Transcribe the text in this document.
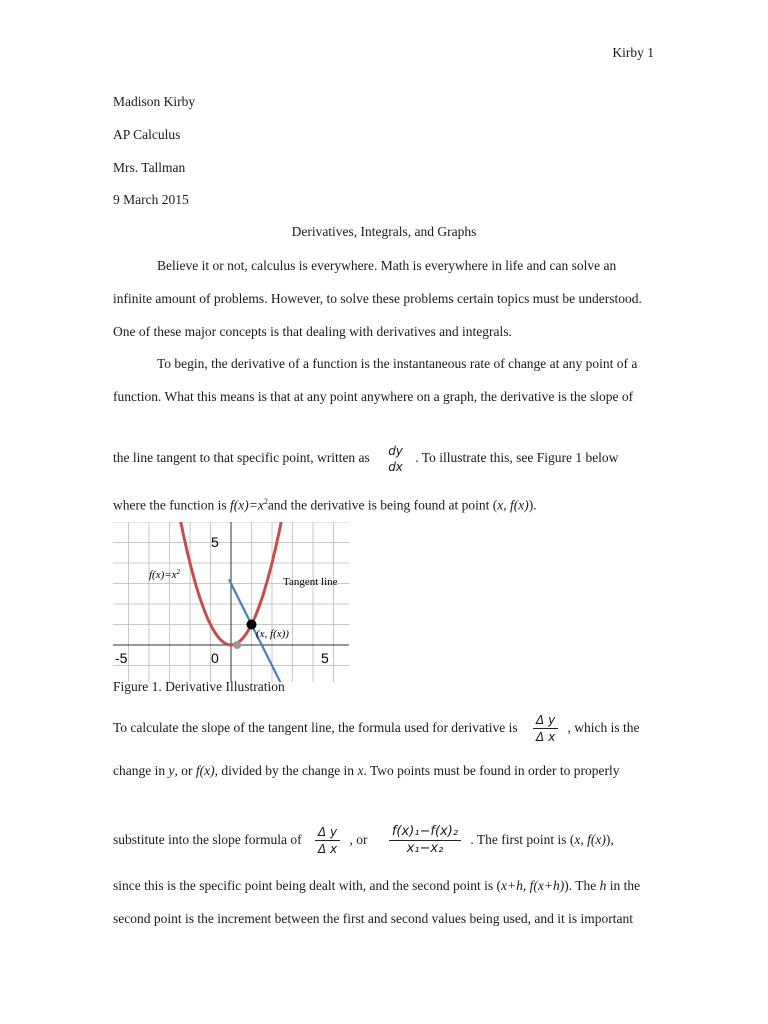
Kirby 1
Madison Kirby
AP Calculus
Mrs. Tallman
9 March 2015
Derivatives, Integrals, and Graphs
Believe it or not, calculus is everywhere. Math is everywhere in life and can solve an
infinite amount of problems. However, to solve these problems certain topics must be understood.
One of these major concepts is that dealing with derivatives and integrals.
To begin, the derivative of a function is the instantaneous rate of change at any point of a
function. What this means is that at any point anywhere on a graph, the derivative is the slope of
the line tangent to that specific point, written as dy
dx
. To illustrate this, see Figure 1 below
where the function is $f(x)=x^2and$ the derivative is being found at point (x, f(x)).
5
-5	0	5
$f(x)=x^2$
Tangent line
(x, f(x))
Figure 1. Derivative Illustration
To calculate the slope of the tangent line, the formula used for derivative is $\frac{\text{Δ y}}{\text{Δ x}}$ , which is the
change in y, or f(x), divided by the change in x. Two points must be found in order to properly
substitute into the slope formula of $\frac{\text{Δ y}}{\text{Δ x}}$ , or $\frac{\text{f(x)₁−f(x)₂}}{\text{x₁−x₂}}$ . The first point is (x, f(x)),
since this is the specific point being dealt with, and the second point is (x+h, f(x+h)). The h in the
second point is the increment between the first and second values being used, and it is important
